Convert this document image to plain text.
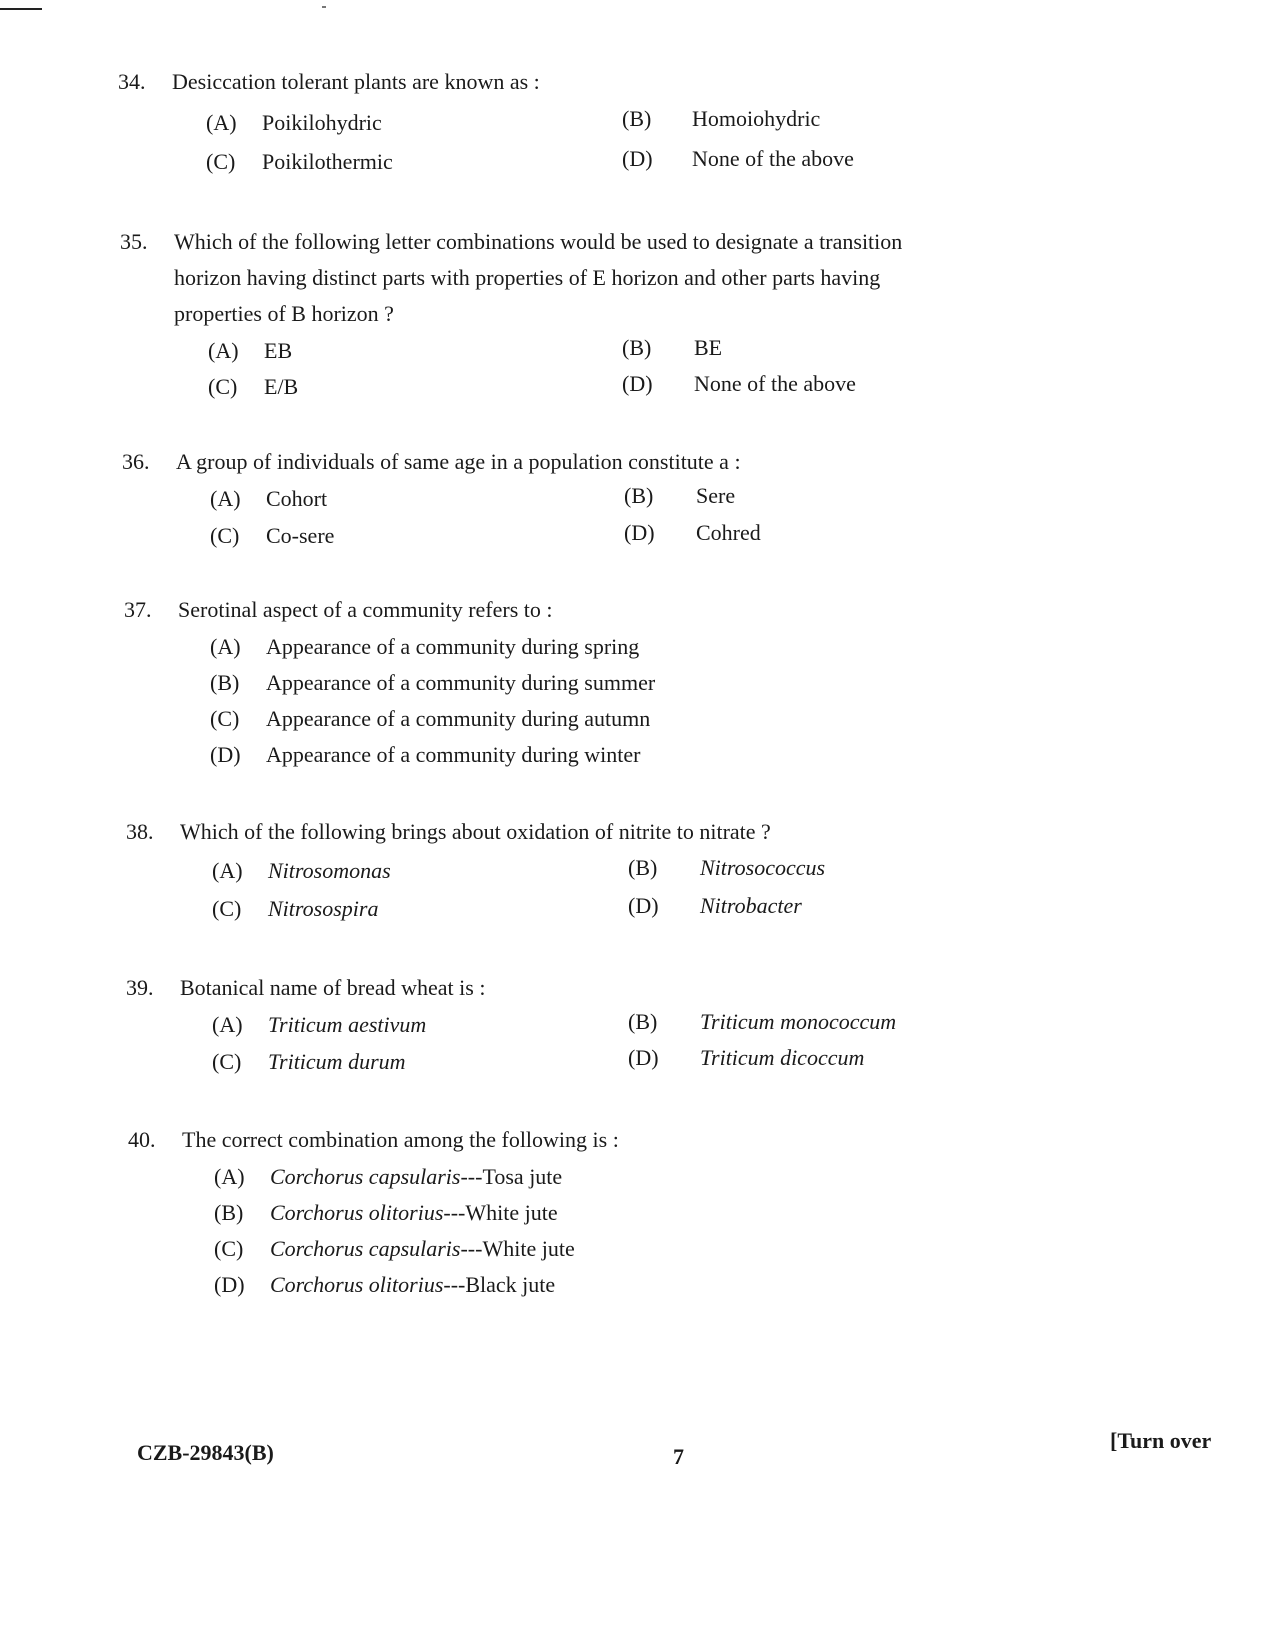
34.	Desiccation tolerant plants are known as :
(A) Poikilohydric	(B) Homoiohydric
(C) Poikilothermic	(D) None of the above
35.	Which of the following letter combinations would be used to designate a transition horizon having distinct parts with properties of E horizon and other parts having properties of B horizon ?
(A) EB	(B) BE
(C) E/B	(D) None of the above
36.	A group of individuals of same age in a population constitute a :
(A) Cohort	(B) Sere
(C) Co-sere	(D) Cohred
37.	Serotinal aspect of a community refers to :
(A) Appearance of a community during spring
(B) Appearance of a community during summer
(C) Appearance of a community during autumn
(D) Appearance of a community during winter
38.	Which of the following brings about oxidation of nitrite to nitrate ?
(A) Nitrosomonas	(B) Nitrosococcus
(C) Nitrosospira	(D) Nitrobacter
39.	Botanical name of bread wheat is :
(A) Triticum aestivum	(B) Triticum monococcum
(C) Triticum durum	(D) Triticum dicoccum
40.	The correct combination among the following is :
(A) Corchorus capsularis---Tosa jute
(B) Corchorus olitorius---White jute
(C) Corchorus capsularis---White jute
(D) Corchorus olitorius---Black jute
CZB-29843(B)	7
[Turn over
